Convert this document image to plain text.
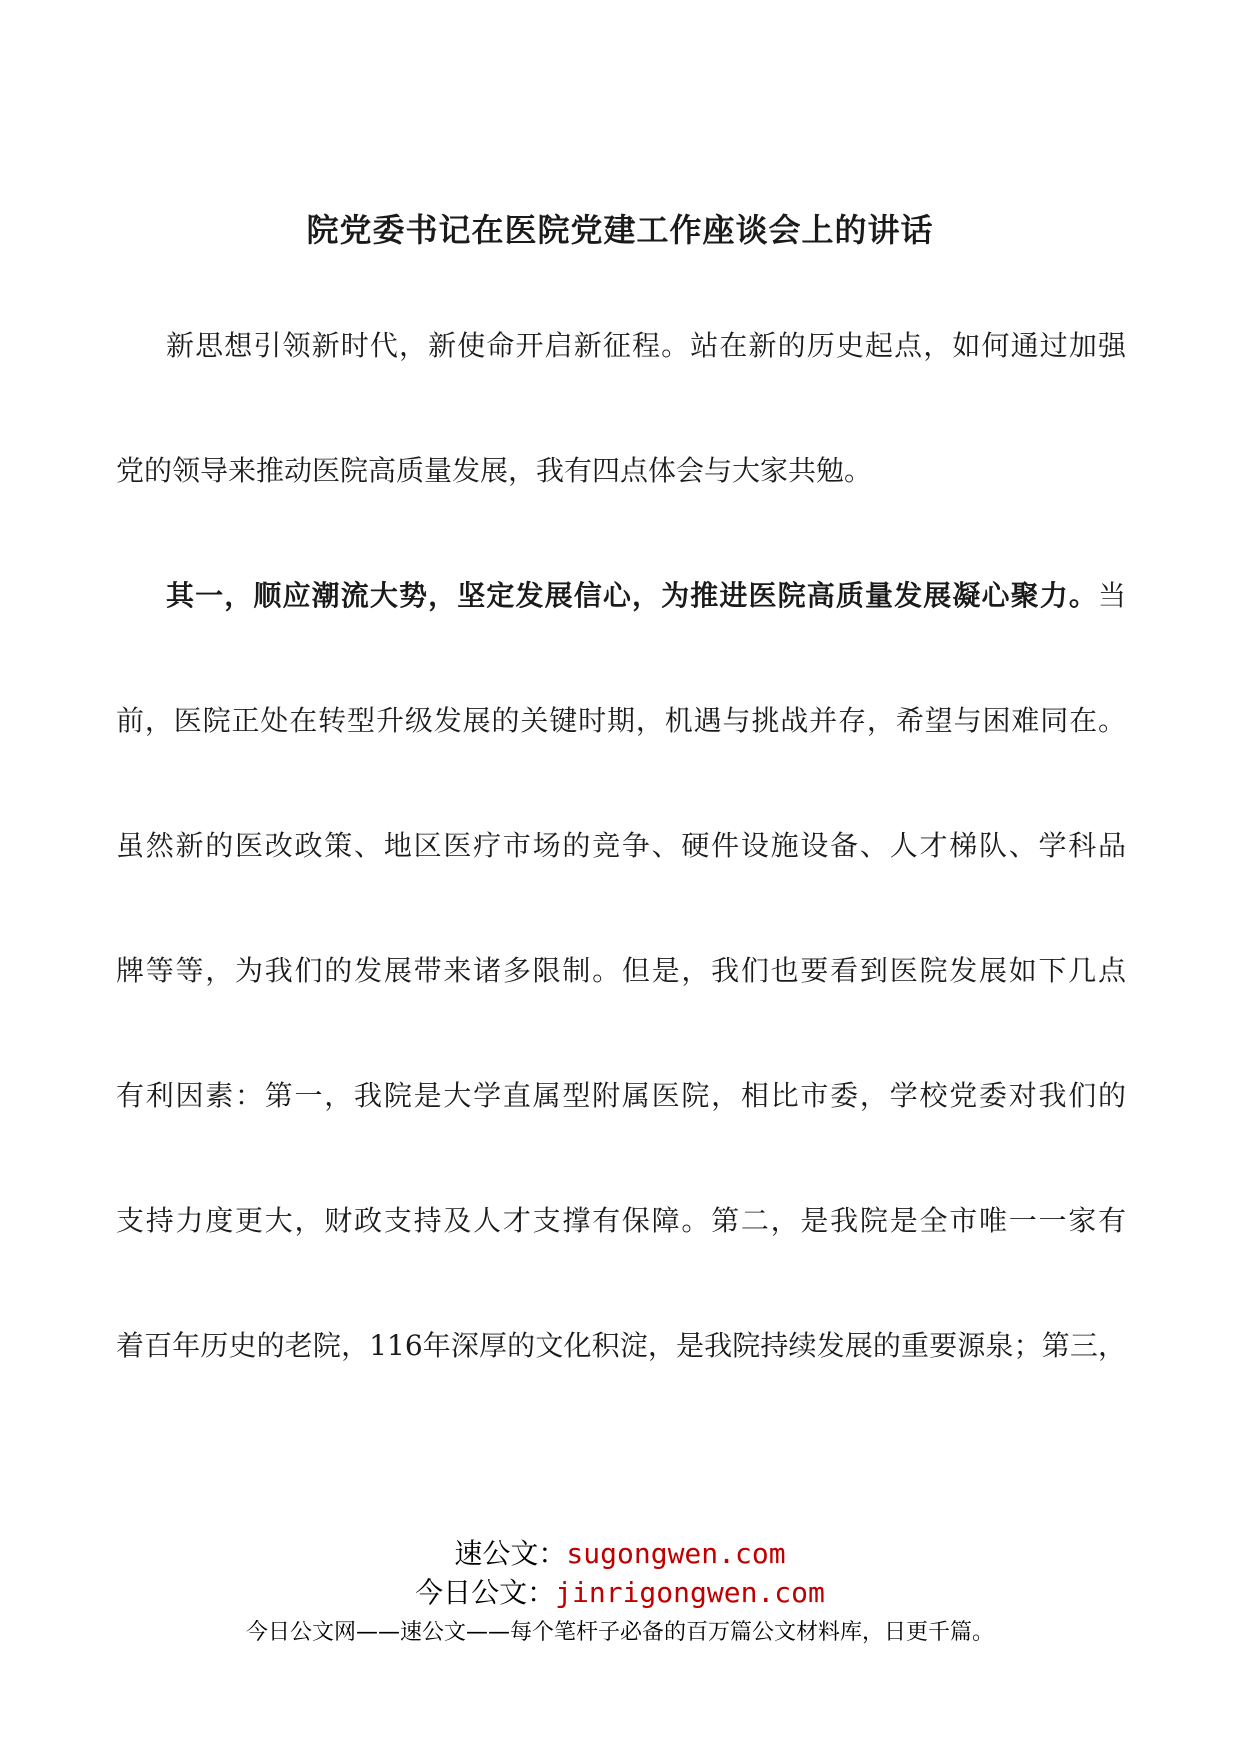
院党委书记在医院党建工作座谈会上的讲话
新思想引领新时代，新使命开启新征程。站在新的历史起点，如何通过加强
党的领导来推动医院高质量发展，我有四点体会与大家共勉。
其一，顺应潮流大势，坚定发展信心，为推进医院高质量发展凝心聚力。当
前，医院正处在转型升级发展的关键时期，机遇与挑战并存，希望与困难同在。
虽然新的医改政策、地区医疗市场的竞争、硬件设施设备、人才梯队、学科品
牌等等，为我们的发展带来诸多限制。但是，我们也要看到医院发展如下几点
有利因素：第一，我院是大学直属型附属医院，相比市委，学校党委对我们的
支持力度更大，财政支持及人才支撑有保障。第二，是我院是全市唯一一家有
着百年历史的老院，116年深厚的文化积淀，是我院持续发展的重要源泉；第三，
速公文：sugongwen.com
今日公文：jinrigongwen.com
今日公文网——速公文——每个笔杆子必备的百万篇公文材料库，日更千篇。
